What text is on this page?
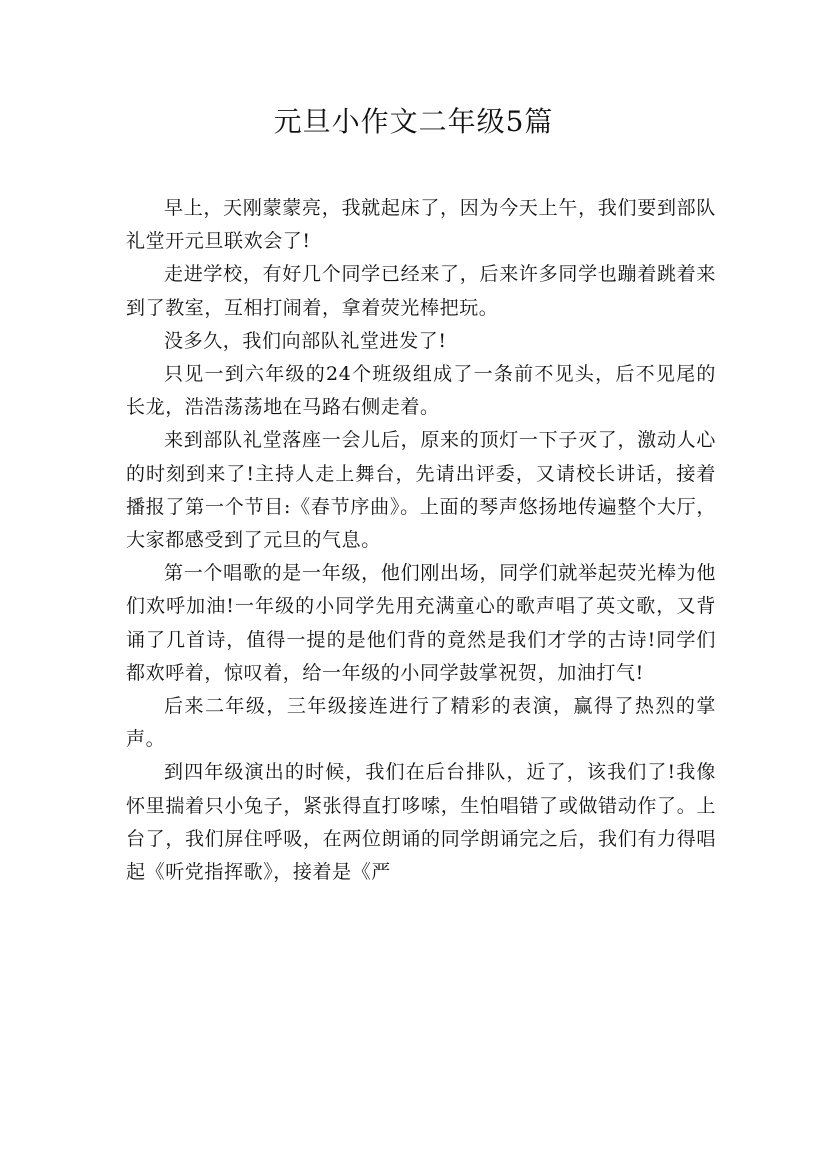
元旦小作文二年级5篇

早上，天刚蒙蒙亮，我就起床了，因为今天上午，我们要到部队礼堂开元旦联欢会了!

走进学校，有好几个同学已经来了，后来许多同学也蹦着跳着来到了教室，互相打闹着，拿着荧光棒把玩。

没多久，我们向部队礼堂进发了!

只见一到六年级的24个班级组成了一条前不见头，后不见尾的长龙，浩浩荡荡地在马路右侧走着。

来到部队礼堂落座一会儿后，原来的顶灯一下子灭了，激动人心的时刻到来了!主持人走上舞台，先请出评委，又请校长讲话，接着播报了第一个节目:《春节序曲》。上面的琴声悠扬地传遍整个大厅，大家都感受到了元旦的气息。

第一个唱歌的是一年级，他们刚出场，同学们就举起荧光棒为他们欢呼加油!一年级的小同学先用充满童心的歌声唱了英文歌，又背诵了几首诗，值得一提的是他们背的竟然是我们才学的古诗!同学们都欢呼着，惊叹着，给一年级的小同学鼓掌祝贺，加油打气!

后来二年级，三年级接连进行了精彩的表演，赢得了热烈的掌声。

到四年级演出的时候，我们在后台排队，近了，该我们了!我像怀里揣着只小兔子，紧张得直打哆嗦，生怕唱错了或做错动作了。上台了，我们屏住呼吸，在两位朗诵的同学朗诵完之后，我们有力得唱起《听党指挥歌》，接着是《严
